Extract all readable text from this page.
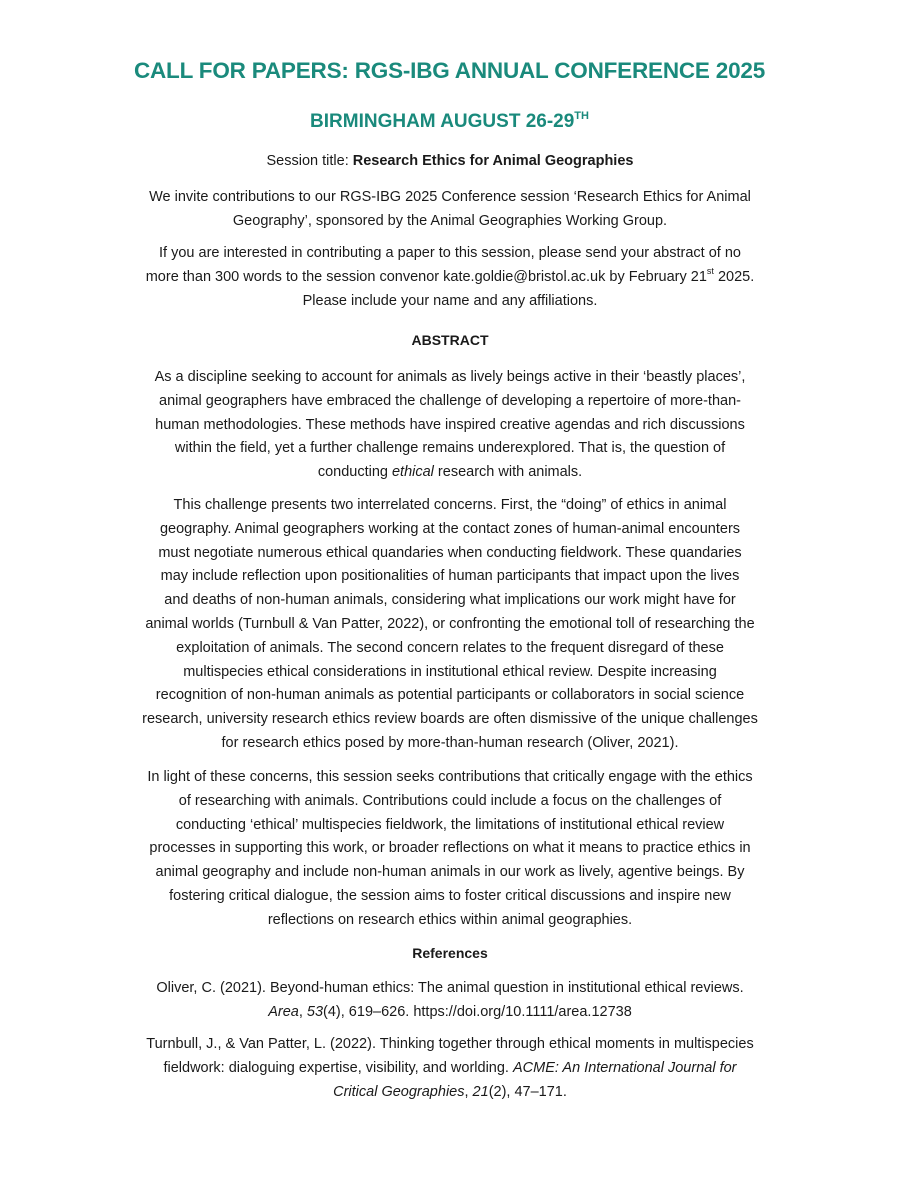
CALL FOR PAPERS: RGS-IBG ANNUAL CONFERENCE 2025
BIRMINGHAM AUGUST 26-29TH

Session title: Research Ethics for Animal Geographies

We invite contributions to our RGS-IBG 2025 Conference session ‘Research Ethics for Animal
Geography’, sponsored by the Animal Geographies Working Group.

If you are interested in contributing a paper to this session, please send your abstract of no
more than 300 words to the session convenor kate.goldie@bristol.ac.uk by February 21st 2025.
Please include your name and any affiliations.

ABSTRACT

As a discipline seeking to account for animals as lively beings active in their ‘beastly places’,
animal geographers have embraced the challenge of developing a repertoire of more-than-
human methodologies. These methods have inspired creative agendas and rich discussions
within the field, yet a further challenge remains underexplored. That is, the question of
conducting ethical research with animals.

This challenge presents two interrelated concerns. First, the “doing” of ethics in animal
geography. Animal geographers working at the contact zones of human-animal encounters
must negotiate numerous ethical quandaries when conducting fieldwork. These quandaries
may include reflection upon positionalities of human participants that impact upon the lives
and deaths of non-human animals, considering what implications our work might have for
animal worlds (Turnbull & Van Patter, 2022), or confronting the emotional toll of researching the
exploitation of animals. The second concern relates to the frequent disregard of these
multispecies ethical considerations in institutional ethical review. Despite increasing
recognition of non-human animals as potential participants or collaborators in social science
research, university research ethics review boards are often dismissive of the unique challenges
for research ethics posed by more-than-human research (Oliver, 2021).

In light of these concerns, this session seeks contributions that critically engage with the ethics
of researching with animals. Contributions could include a focus on the challenges of
conducting ‘ethical’ multispecies fieldwork, the limitations of institutional ethical review
processes in supporting this work, or broader reflections on what it means to practice ethics in
animal geography and include non-human animals in our work as lively, agentive beings. By
fostering critical dialogue, the session aims to foster critical discussions and inspire new
reflections on research ethics within animal geographies.

References

Oliver, C. (2021). Beyond-human ethics: The animal question in institutional ethical reviews.
Area, 53(4), 619–626. https://doi.org/10.1111/area.12738

Turnbull, J., & Van Patter, L. (2022). Thinking together through ethical moments in multispecies
fieldwork: dialoguing expertise, visibility, and worlding. ACME: An International Journal for
Critical Geographies, 21(2), 47–171.
